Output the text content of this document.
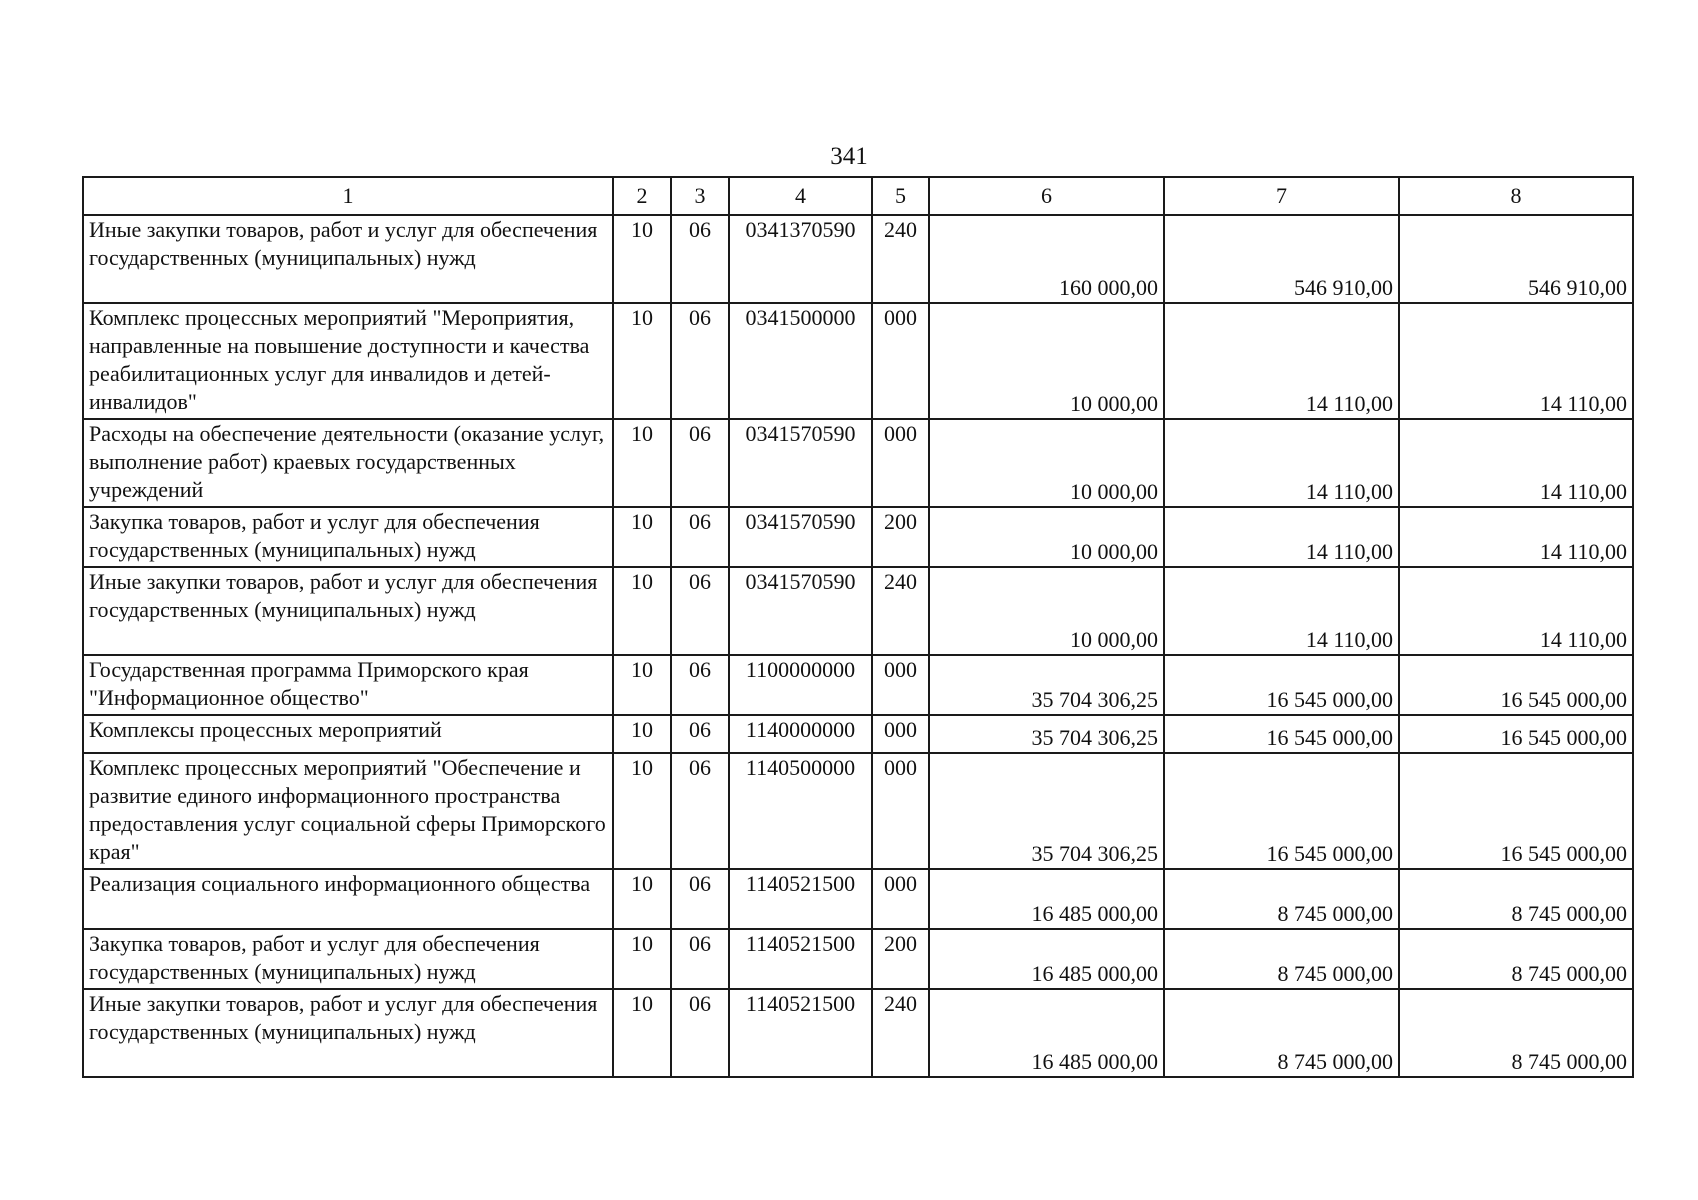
341
1	2	3	4	5	6	7	8
Иные закупки товаров, работ и услуг для обеспечения государственных (муниципальных) нужд	10	06	0341370590	240	160 000,00	546 910,00	546 910,00
Комплекс процессных мероприятий "Мероприятия, направленные на повышение доступности и качества реабилитационных услуг для инвалидов и детей-инвалидов"	10	06	0341500000	000	10 000,00	14 110,00	14 110,00
Расходы на обеспечение деятельности (оказание услуг, выполнение работ) краевых государственных учреждений	10	06	0341570590	000	10 000,00	14 110,00	14 110,00
Закупка товаров, работ и услуг для обеспечения государственных (муниципальных) нужд	10	06	0341570590	200	10 000,00	14 110,00	14 110,00
Иные закупки товаров, работ и услуг для обеспечения государственных (муниципальных) нужд	10	06	0341570590	240	10 000,00	14 110,00	14 110,00
Государственная программа Приморского края "Информационное общество"	10	06	1100000000	000	35 704 306,25	16 545 000,00	16 545 000,00
Комплексы процессных мероприятий	10	06	1140000000	000	35 704 306,25	16 545 000,00	16 545 000,00
Комплекс процессных мероприятий "Обеспечение и развитие единого информационного пространства предоставления услуг социальной сферы Приморского края"	10	06	1140500000	000	35 704 306,25	16 545 000,00	16 545 000,00
Реализация социального информационного общества	10	06	1140521500	000	16 485 000,00	8 745 000,00	8 745 000,00
Закупка товаров, работ и услуг для обеспечения государственных (муниципальных) нужд	10	06	1140521500	200	16 485 000,00	8 745 000,00	8 745 000,00
Иные закупки товаров, работ и услуг для обеспечения государственных (муниципальных) нужд	10	06	1140521500	240	16 485 000,00	8 745 000,00	8 745 000,00
